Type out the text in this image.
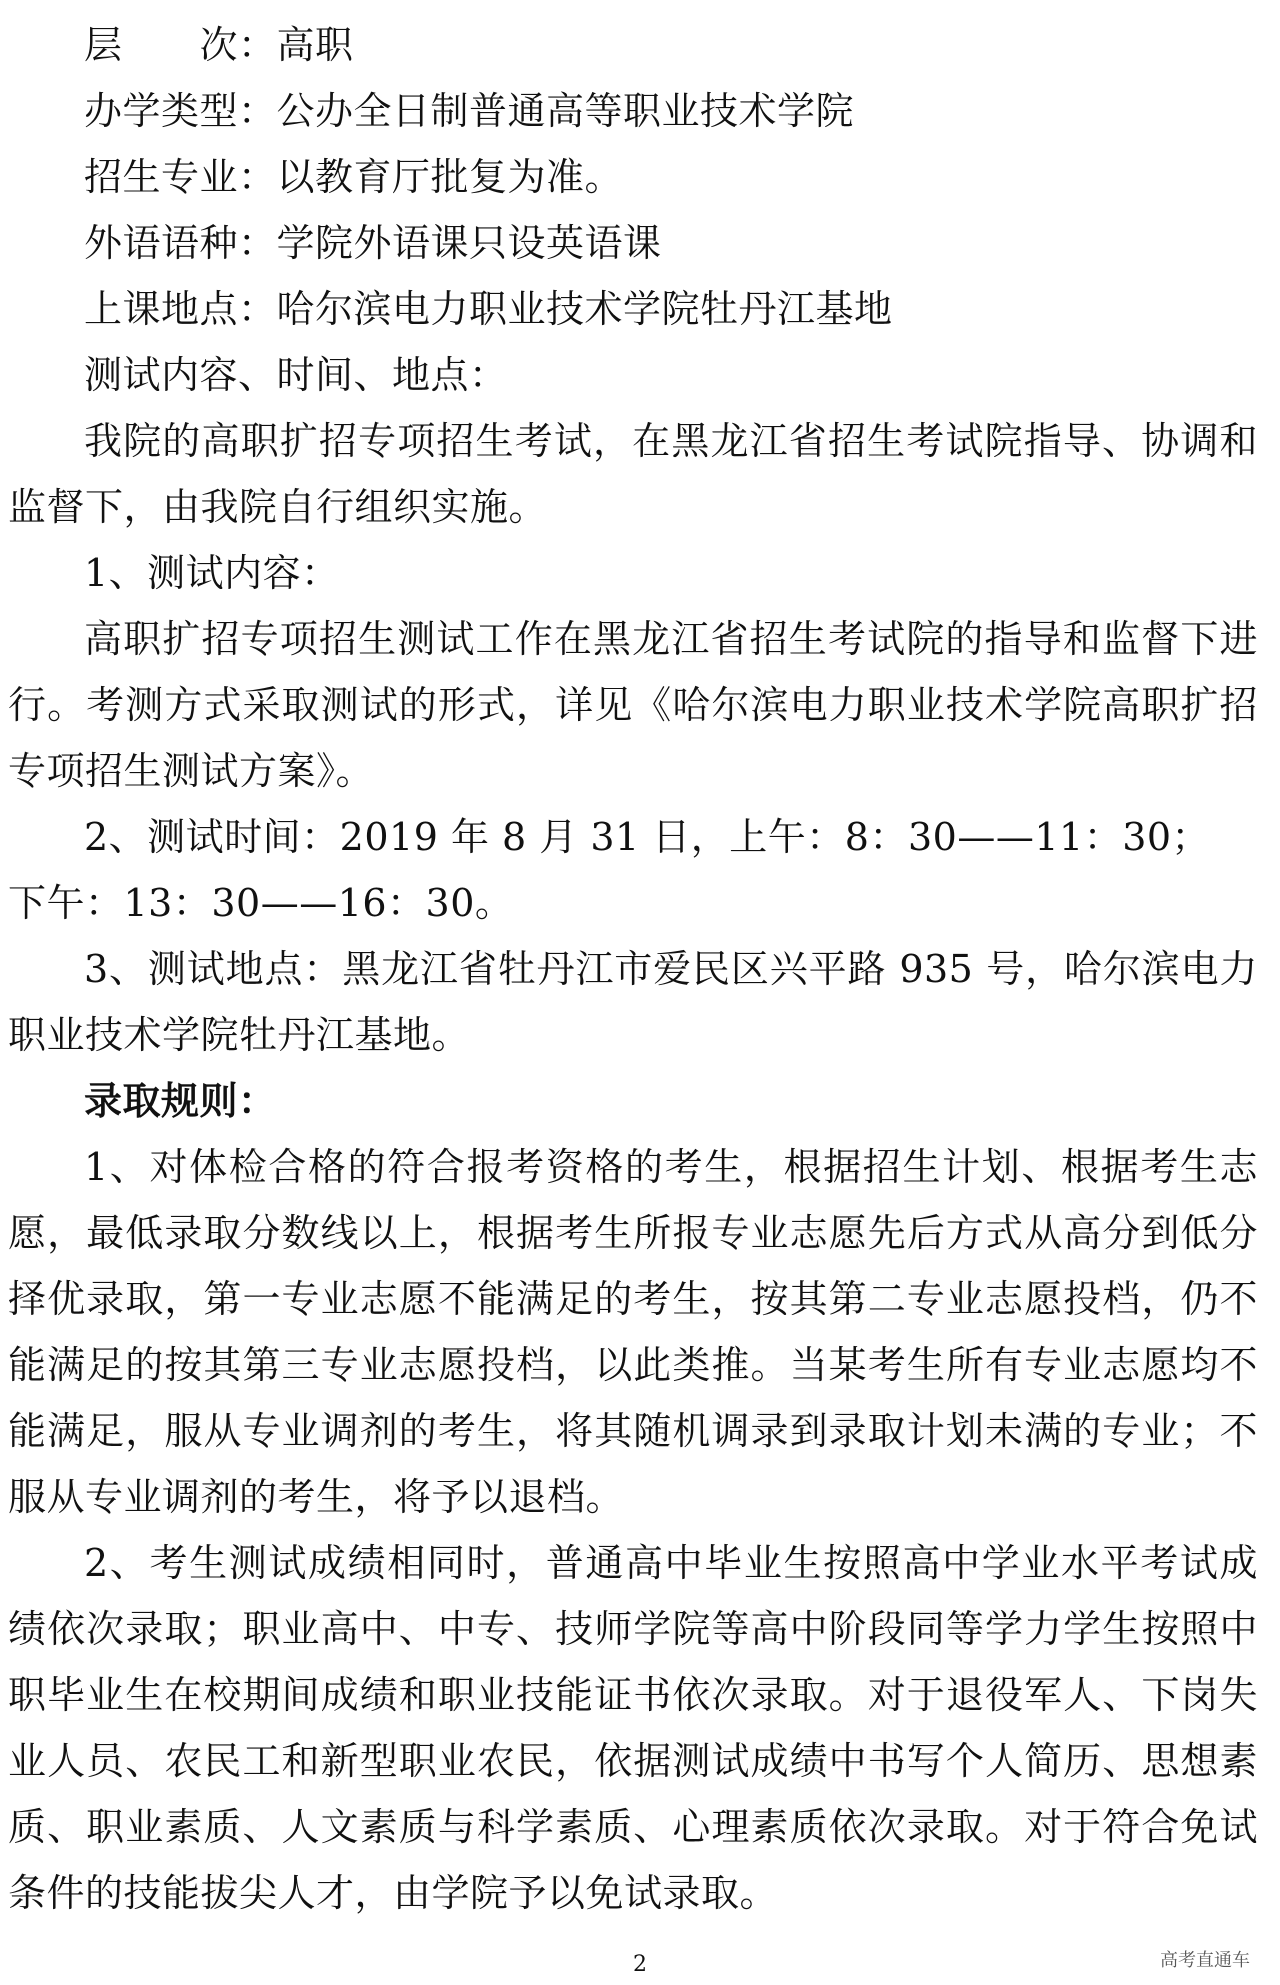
层　　次：高职

办学类型：公办全日制普通高等职业技术学院

招生专业：以教育厅批复为准。

外语语种：学院外语课只设英语课

上课地点：哈尔滨电力职业技术学院牡丹江基地

测试内容、时间、地点：

我院的高职扩招专项招生考试，在黑龙江省招生考试院指导、协调和监督下，由我院自行组织实施。

1、测试内容：

高职扩招专项招生测试工作在黑龙江省招生考试院的指导和监督下进行。考测方式采取测试的形式，详见《哈尔滨电力职业技术学院高职扩招专项招生测试方案》。

2、测试时间：2019 年 8 月 31 日，上午：8：30——11：30；

下午：13：30——16：30。

3、测试地点：黑龙江省牡丹江市爱民区兴平路 935 号，哈尔滨电力职业技术学院牡丹江基地。

录取规则：

1、对体检合格的符合报考资格的考生，根据招生计划、根据考生志愿，最低录取分数线以上，根据考生所报专业志愿先后方式从高分到低分择优录取，第一专业志愿不能满足的考生，按其第二专业志愿投档，仍不能满足的按其第三专业志愿投档，以此类推。当某考生所有专业志愿均不能满足，服从专业调剂的考生，将其随机调录到录取计划未满的专业；不服从专业调剂的考生，将予以退档。

2、考生测试成绩相同时，普通高中毕业生按照高中学业水平考试成绩依次录取；职业高中、中专、技师学院等高中阶段同等学力学生按照中职毕业生在校期间成绩和职业技能证书依次录取。对于退役军人、下岗失业人员、农民工和新型职业农民，依据测试成绩中书写个人简历、思想素质、职业素质、人文素质与科学素质、心理素质依次录取。对于符合免试条件的技能拔尖人才，由学院予以免试录取。

高考直通车
2
